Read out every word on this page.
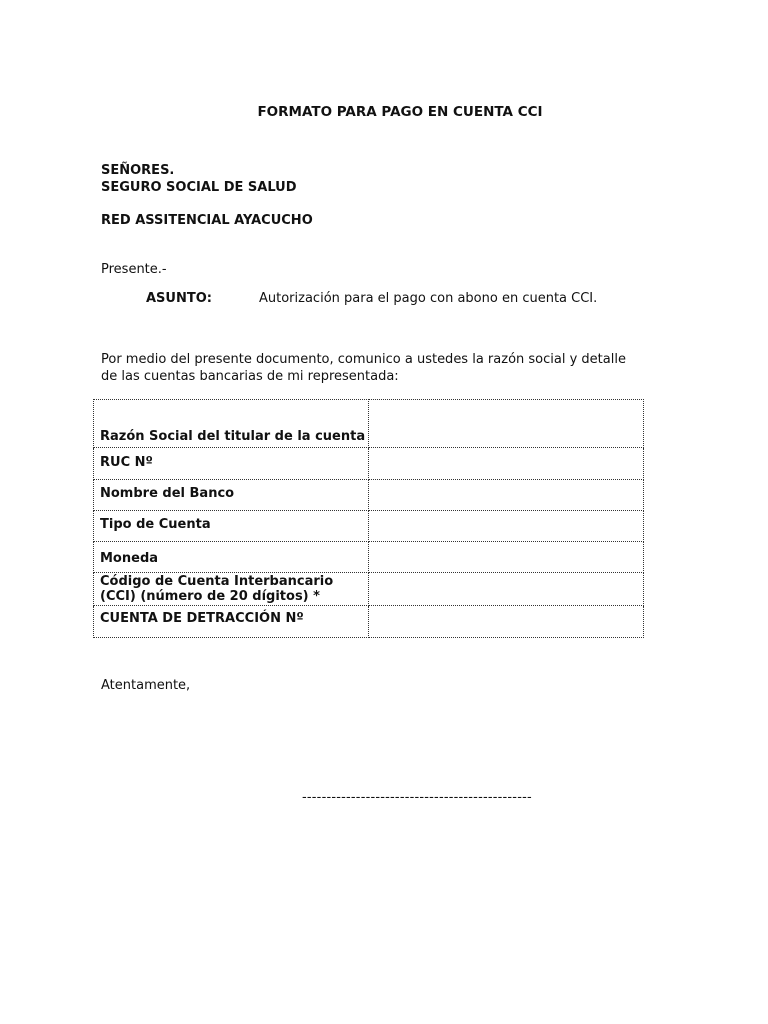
FORMATO PARA PAGO EN CUENTA CCI
SEÑORES.
SEGURO SOCIAL DE SALUD
RED ASSITENCIAL AYACUCHO
Presente.-
ASUNTO:	Autorización para el pago con abono en cuenta CCI.
Por medio del presente documento, comunico a ustedes la razón social y detalle
de las cuentas bancarias de mi representada:
Razón Social del titular de la cuenta	

RUC Nº	

Nombre del Banco	

Tipo de Cuenta	

Moneda	

Código de Cuenta Interbancario
(CCI) (número de 20 dígitos) *	

CUENTA DE DETRACCIÓN Nº	

Atentamente,
-----------------------------------------------
